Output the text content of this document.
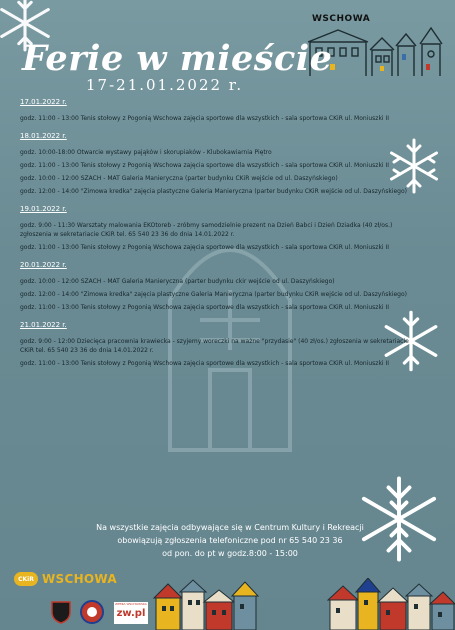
WSCHOWA
Ferie w mieście
17-21.01.2022 r.
17.01.2022 r.

godz. 11:00 - 13:00 Tenis stołowy z Pogonią Wschowa zajęcia sportowe dla wszystkich - sala sportowa CKiR ul. Moniuszki II

18.01.2022 r.

godz. 10:00-18:00 Otwarcie wystawy pająków i skorupiaków - Klubokawiarnia Piętro

godz. 11:00 - 13:00 Tenis stołowy z Pogonią Wschowa zajęcia sportowe dla wszystkich - sala sportowa CKiR ul. Moniuszki II

godz. 10:00 - 12:00 SZACH - MAT Galeria Manieryczna (parter budynku CKiR wejście od ul. Daszyńskiego)

godz. 12:00 - 14:00 "Zimowa kredka" zajęcia plastyczne Galeria Manieryczna (parter budynku CKiR wejście od ul. Daszyńskiego)

19.01.2022 r.

godz. 9:00 - 11:30 Warsztaty malowania EKOtoreb - zróbmy samodzielnie prezent na Dzień Babci i Dzień Dziadka (40 zł/os.) zgłoszenia w sekretariacie CKiR tel. 65 540 23 36 do dnia 14.01.2022 r.

godz. 11:00 - 13:00 Tenis stołowy z Pogonią Wschowa zajęcia sportowe dla wszystkich - sala sportowa CKiR ul. Moniuszki II

20.01.2022 r.

godz. 10:00 - 12:00 SZACH - MAT Galeria Manieryczna (parter budynku ckir wejście od ul. Daszyńskiego)

godz. 12:00 - 14:00 "Zimowa kredka" zajęcia plastyczne Galeria Manieryczna (parter budynku CKiR wejście od ul. Daszyńskiego)

godz. 11:00 - 13:00 Tenis stołowy z Pogonią Wschowa zajęcia sportowe dla wszystkich - sala sportowa CKiR ul. Moniuszki II

21.01.2022 r.

godz. 9:00 - 12:00 Dziecięca pracownia krawiecka - szyjemy woreczki na ważne "przydasie" (40 zł/os.) zgłoszenia w sekretariacie CKiR tel. 65 540 23 36 do dnia 14.01.2022 r.

godz. 11:00 - 13:00 Tenis stołowy z Pogonią Wschowa zajęcia sportowe dla wszystkich - sala sportowa CKiR ul. Moniuszki II

Na wszystkie zajęcia odbywające się w Centrum Kultury i Rekreacji
obowiązują zgłoszenia telefoniczne pod nr 65 540 23 36
od pon. do pt w godz.8:00 - 15:00
CKiR WSCHOWA
ZIEMIA WSCHOWSKA
zw.pl
